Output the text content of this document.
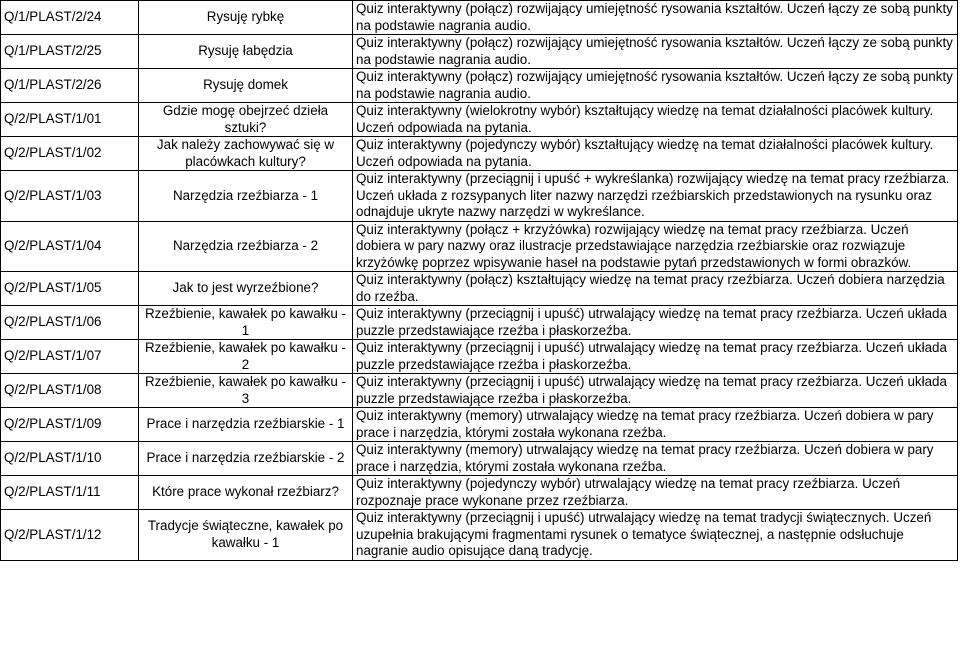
Q/1/PLAST/2/24	Rysuję rybkę	Quiz interaktywny (połącz) rozwijający umiejętność rysowania kształtów. Uczeń łączy ze sobą punkty na podstawie nagrania audio.

Q/1/PLAST/2/25	Rysuję łabędzia	Quiz interaktywny (połącz) rozwijający umiejętność rysowania kształtów. Uczeń łączy ze sobą punkty na podstawie nagrania audio.

Q/1/PLAST/2/26	Rysuję domek	Quiz interaktywny (połącz) rozwijający umiejętność rysowania kształtów. Uczeń łączy ze sobą punkty na podstawie nagrania audio.

Q/2/PLAST/1/01	Gdzie mogę obejrzeć dzieła sztuki?	Quiz interaktywny (wielokrotny wybór) kształtujący wiedzę na temat działalności placówek kultury. Uczeń odpowiada na pytania.

Q/2/PLAST/1/02	Jak należy zachowywać się w placówkach kultury?	Quiz interaktywny (pojedynczy wybór) kształtujący wiedzę na temat działalności placówek kultury. Uczeń odpowiada na pytania.

Q/2/PLAST/1/03	Narzędzia rzeźbiarza - 1	Quiz interaktywny (przeciągnij i upuść + wykreślanka) rozwijający wiedzę na temat pracy rzeźbiarza. Uczeń układa z rozsypanych liter nazwy narzędzi rzeźbiarskich przedstawionych na rysunku oraz odnajduje ukryte nazwy narzędzi w wykreślance.

Q/2/PLAST/1/04	Narzędzia rzeźbiarza - 2	Quiz interaktywny (połącz + krzyżówka) rozwijający wiedzę na temat pracy rzeźbiarza. Uczeń dobiera w pary nazwy oraz ilustracje przedstawiające narzędzia rzeźbiarskie oraz rozwiązuje krzyżówkę poprzez wpisywanie haseł na podstawie pytań przedstawionych w formi obrazków.

Q/2/PLAST/1/05	Jak to jest wyrzeźbione?	Quiz interaktywny (połącz) kształtujący wiedzę na temat pracy rzeźbiarza. Uczeń dobiera narzędzia do rzeźba.

Q/2/PLAST/1/06	Rzeźbienie, kawałek po kawałku - 1	Quiz interaktywny (przeciągnij i upuść) utrwalający wiedzę na temat pracy rzeźbiarza. Uczeń układa puzzle przedstawiające rzeźba i płaskorzeźba.

Q/2/PLAST/1/07	Rzeźbienie, kawałek po kawałku - 2	Quiz interaktywny (przeciągnij i upuść) utrwalający wiedzę na temat pracy rzeźbiarza. Uczeń układa puzzle przedstawiające rzeźba i płaskorzeźba.

Q/2/PLAST/1/08	Rzeźbienie, kawałek po kawałku - 3	Quiz interaktywny (przeciągnij i upuść) utrwalający wiedzę na temat pracy rzeźbiarza. Uczeń układa puzzle przedstawiające rzeźba i płaskorzeźba.

Q/2/PLAST/1/09	Prace i narzędzia rzeźbiarskie - 1	Quiz interaktywny (memory) utrwalający wiedzę na temat pracy rzeźbiarza. Uczeń dobiera w pary prace i narzędzia, którymi została wykonana rzeźba.

Q/2/PLAST/1/10	Prace i narzędzia rzeźbiarskie - 2	Quiz interaktywny (memory) utrwalający wiedzę na temat pracy rzeźbiarza. Uczeń dobiera w pary prace i narzędzia, którymi została wykonana rzeźba.

Q/2/PLAST/1/11	Które prace wykonał rzeźbiarz?	Quiz interaktywny (pojedynczy wybór) utrwalający wiedzę na temat pracy rzeźbiarza. Uczeń rozpoznaje prace wykonane przez rzeźbiarza.

Q/2/PLAST/1/12	Tradycje świąteczne, kawałek po kawałku - 1	Quiz interaktywny (przeciągnij i upuść) utrwalający wiedzę na temat tradycji świątecznych. Uczeń uzupełnia brakującymi fragmentami rysunek o tematyce świątecznej, a następnie odsłuchuje nagranie audio opisujące daną tradycję.
